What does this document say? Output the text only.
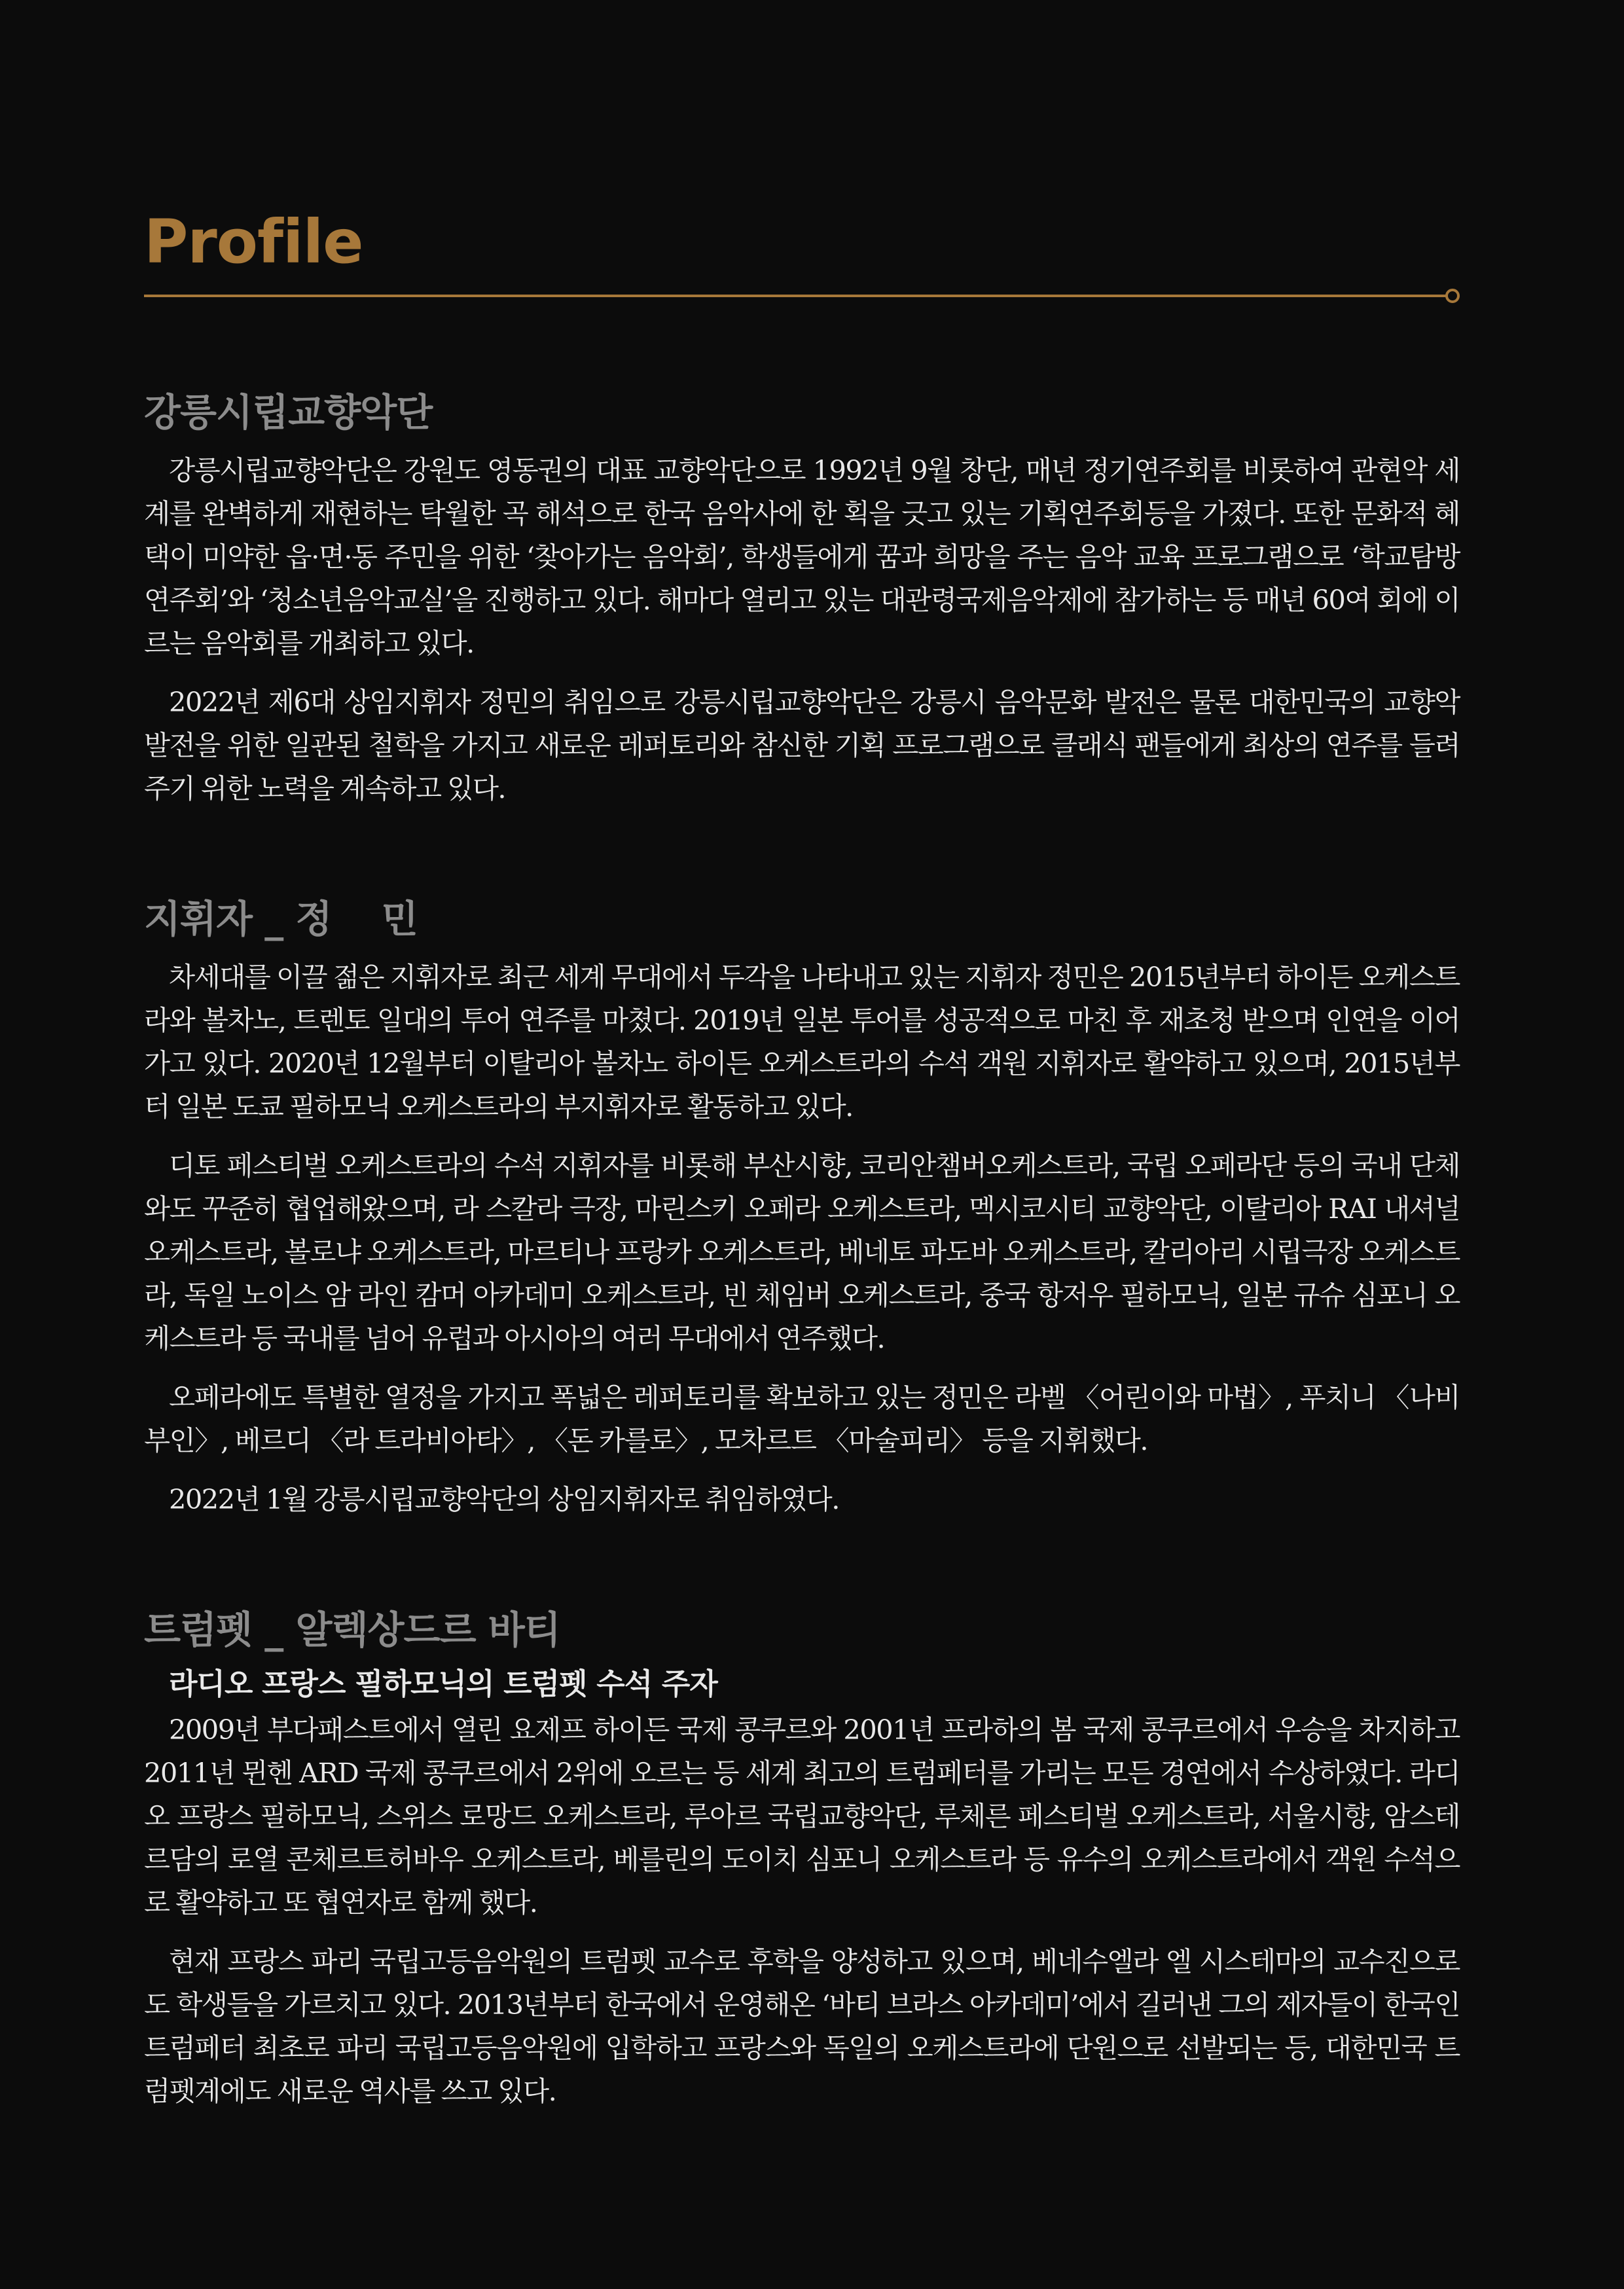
Profile
강릉시립교향악단

강릉시립교향악단은 강원도 영동권의 대표 교향악단으로 1992년 9월 창단, 매년 정기연주회를 비롯하여 관현악 세계를 완벽하게 재현하는 탁월한 곡 해석으로 한국 음악사에 한 획을 긋고 있는 기획연주회등을 가졌다. 또한 문화적 혜택이 미약한 읍·면·동 주민을 위한 ‘찾아가는 음악회’, 학생들에게 꿈과 희망을 주는 음악 교육 프로그램으로 ‘학교탐방연주회’와 ‘청소년음악교실’을 진행하고 있다. 해마다 열리고 있는 대관령국제음악제에 참가하는 등 매년 60여 회에 이르는 음악회를 개최하고 있다.

2022년 제6대 상임지휘자 정민의 취임으로 강릉시립교향악단은 강릉시 음악문화 발전은 물론 대한민국의 교향악 발전을 위한 일관된 철학을 가지고 새로운 레퍼토리와 참신한 기획 프로그램으로 클래식 팬들에게 최상의 연주를 들려주기 위한 노력을 계속하고 있다.

지휘자 _ 정　 민

차세대를 이끌 젊은 지휘자로 최근 세계 무대에서 두각을 나타내고 있는 지휘자 정민은 2015년부터 하이든 오케스트라와 볼차노, 트렌토 일대의 투어 연주를 마쳤다. 2019년 일본 투어를 성공적으로 마친 후 재초청 받으며 인연을 이어가고 있다. 2020년 12월부터 이탈리아 볼차노 하이든 오케스트라의 수석 객원 지휘자로 활약하고 있으며, 2015년부터 일본 도쿄 필하모닉 오케스트라의 부지휘자로 활동하고 있다.

디토 페스티벌 오케스트라의 수석 지휘자를 비롯해 부산시향, 코리안챔버오케스트라, 국립 오페라단 등의 국내 단체와도 꾸준히 협업해왔으며, 라 스칼라 극장, 마린스키 오페라 오케스트라, 멕시코시티 교향악단, 이탈리아 RAI 내셔널 오케스트라, 볼로냐 오케스트라, 마르티나 프랑카 오케스트라, 베네토 파도바 오케스트라, 칼리아리 시립극장 오케스트라, 독일 노이스 암 라인 캄머 아카데미 오케스트라, 빈 체임버 오케스트라, 중국 항저우 필하모닉, 일본 규슈 심포니 오케스트라 등 국내를 넘어 유럽과 아시아의 여러 무대에서 연주했다.

오페라에도 특별한 열정을 가지고 폭넓은 레퍼토리를 확보하고 있는 정민은 라벨 〈어린이와 마법〉, 푸치니 〈나비부인〉, 베르디 〈라 트라비아타〉, 〈돈 카를로〉, 모차르트 〈마술피리〉 등을 지휘했다.

2022년 1월 강릉시립교향악단의 상임지휘자로 취임하였다.

트럼펫 _ 알렉상드르 바티
라디오 프랑스 필하모닉의 트럼펫 수석 주자

2009년 부다패스트에서 열린 요제프 하이든 국제 콩쿠르와 2001년 프라하의 봄 국제 콩쿠르에서 우승을 차지하고 2011년 뮌헨 ARD 국제 콩쿠르에서 2위에 오르는 등 세계 최고의 트럼페터를 가리는 모든 경연에서 수상하였다. 라디오 프랑스 필하모닉, 스위스 로망드 오케스트라, 루아르 국립교향악단, 루체른 페스티벌 오케스트라, 서울시향, 암스테르담의 로열 콘체르트허바우 오케스트라, 베를린의 도이치 심포니 오케스트라 등 유수의 오케스트라에서 객원 수석으로 활약하고 또 협연자로 함께 했다.

현재 프랑스 파리 국립고등음악원의 트럼펫 교수로 후학을 양성하고 있으며, 베네수엘라 엘 시스테마의 교수진으로도 학생들을 가르치고 있다. 2013년부터 한국에서 운영해온 ‘바티 브라스 아카데미’에서 길러낸 그의 제자들이 한국인 트럼페터 최초로 파리 국립고등음악원에 입학하고 프랑스와 독일의 오케스트라에 단원으로 선발되는 등, 대한민국 트럼펫계에도 새로운 역사를 쓰고 있다.
